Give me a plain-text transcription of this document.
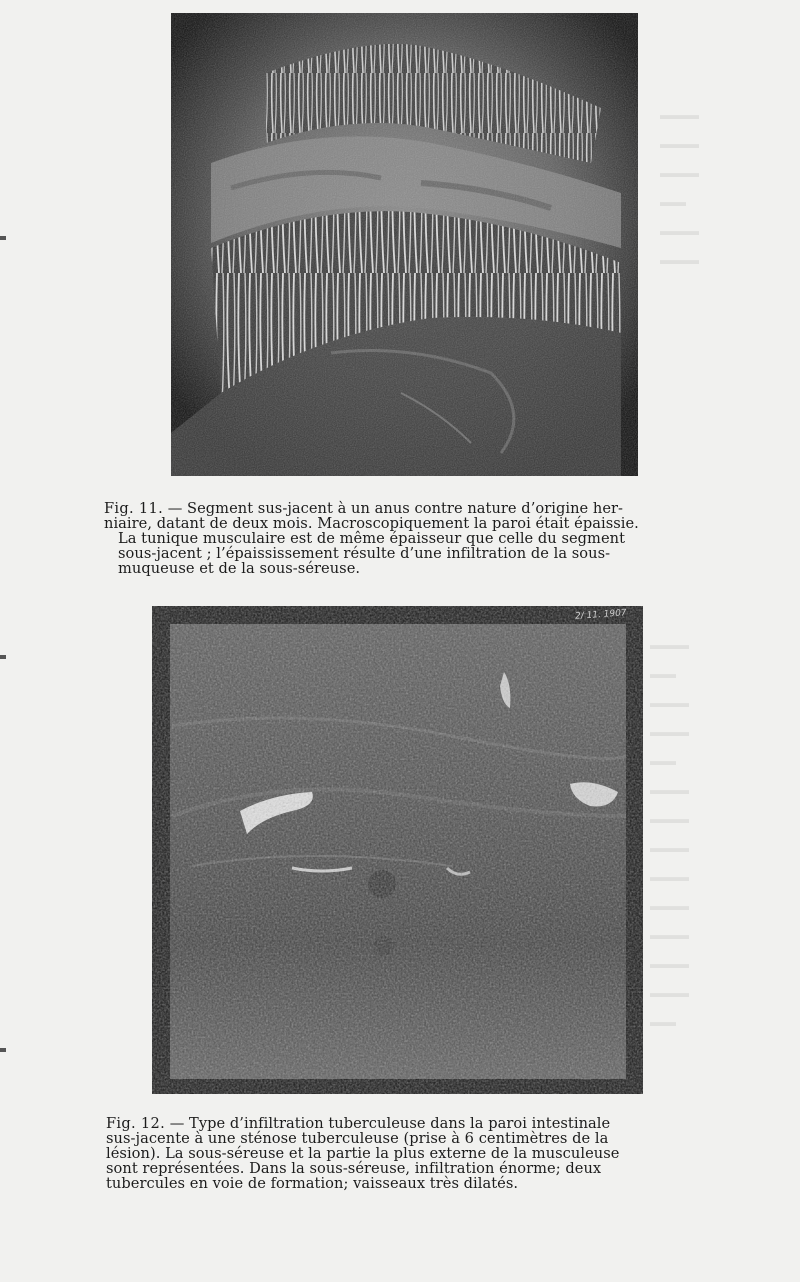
▬▬▬
▬▬▬
▬▬▬
▬▬
▬▬▬
▬▬▬
▬▬▬
▬▬
▬▬▬
▬▬▬
▬▬
▬▬▬
▬▬▬
▬▬▬
▬▬▬
▬▬▬
▬▬▬
▬▬▬
▬▬▬
▬▬
Fig. 11. — Segment sus-jacent à un anus contre nature d’origine her-
niaire, datant de deux mois. Macroscopiquement la paroi était épaissie.
La tunique musculaire est de même épaisseur que celle du segment
sous-jacent ; l’épaississement résulte d’une infiltration de la sous-
muqueuse et de la sous-séreuse.
2/ 11. 1907
Fig. 12. — Type d’infiltration tuberculeuse dans la paroi intestinale
sus-jacente à une sténose tuberculeuse (prise à 6 centimètres de la
lésion). La sous-séreuse et la partie la plus externe de la musculeuse
sont représentées. Dans la sous-séreuse, infiltration énorme; deux
tubercules en voie de formation; vaisseaux très dilatés.
